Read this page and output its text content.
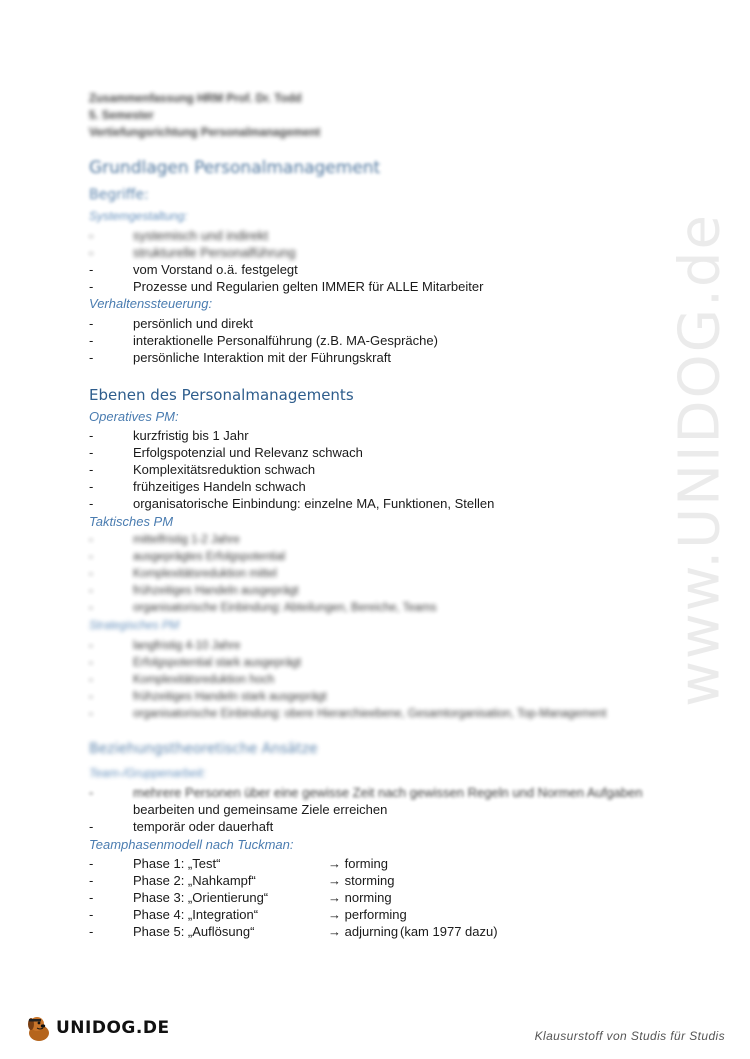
www.UNIDOG.de
Zusammenfassung HRM Prof. Dr. Todd
5. Semester
Vertiefungsrichtung Personalmanagement
Grundlagen Personalmanagement
Begriffe:
Systemgestaltung:
-	systemisch und indirekt
-	strukturelle Personalführung
-	vom Vorstand o.ä. festgelegt
-	Prozesse und Regularien gelten IMMER für ALLE Mitarbeiter
Verhaltenssteuerung:
-	persönlich und direkt
-	interaktionelle Personalführung (z.B. MA-Gespräche)
-	persönliche Interaktion mit der Führungskraft
Ebenen des Personalmanagements
Operatives PM:
-	kurzfristig bis 1 Jahr
-	Erfolgspotenzial und Relevanz schwach
-	Komplexitätsreduktion schwach
-	frühzeitiges Handeln schwach
-	organisatorische Einbindung: einzelne MA, Funktionen, Stellen
Taktisches PM
-	mittelfristig 1-2 Jahre
-	ausgeprägtes Erfolgspotential
-	Komplexitätsreduktion mittel
-	frühzeitiges Handeln ausgeprägt
-	organisatorische Einbindung: Abteilungen, Bereiche, Teams
Strategisches PM
-	langfristig 4-10 Jahre
-	Erfolgspotential stark ausgeprägt
-	Komplexitätsreduktion hoch
-	frühzeitiges Handeln stark ausgeprägt
-	organisatorische Einbindung: obere Hierarchieebene, Gesamtorganisation, Top-Management
Beziehungstheoretische Ansätze
Team-/Gruppenarbeit:
-	mehrere Personen über eine gewisse Zeit nach gewissen Regeln und Normen Aufgaben
bearbeiten und gemeinsame Ziele erreichen
-	temporär oder dauerhaft
Teamphasenmodell nach Tuckman:
-	Phase 1: „Test“	→ forming
-	Phase 2: „Nahkampf“	→ storming
-	Phase 3: „Orientierung“	→ norming
-	Phase 4: „Integration“	→ performing
-	Phase 5: „Auflösung“	→ adjurning (kam 1977 dazu)
UNIDOG.DE	Klausurstoff von Studis für Studis
